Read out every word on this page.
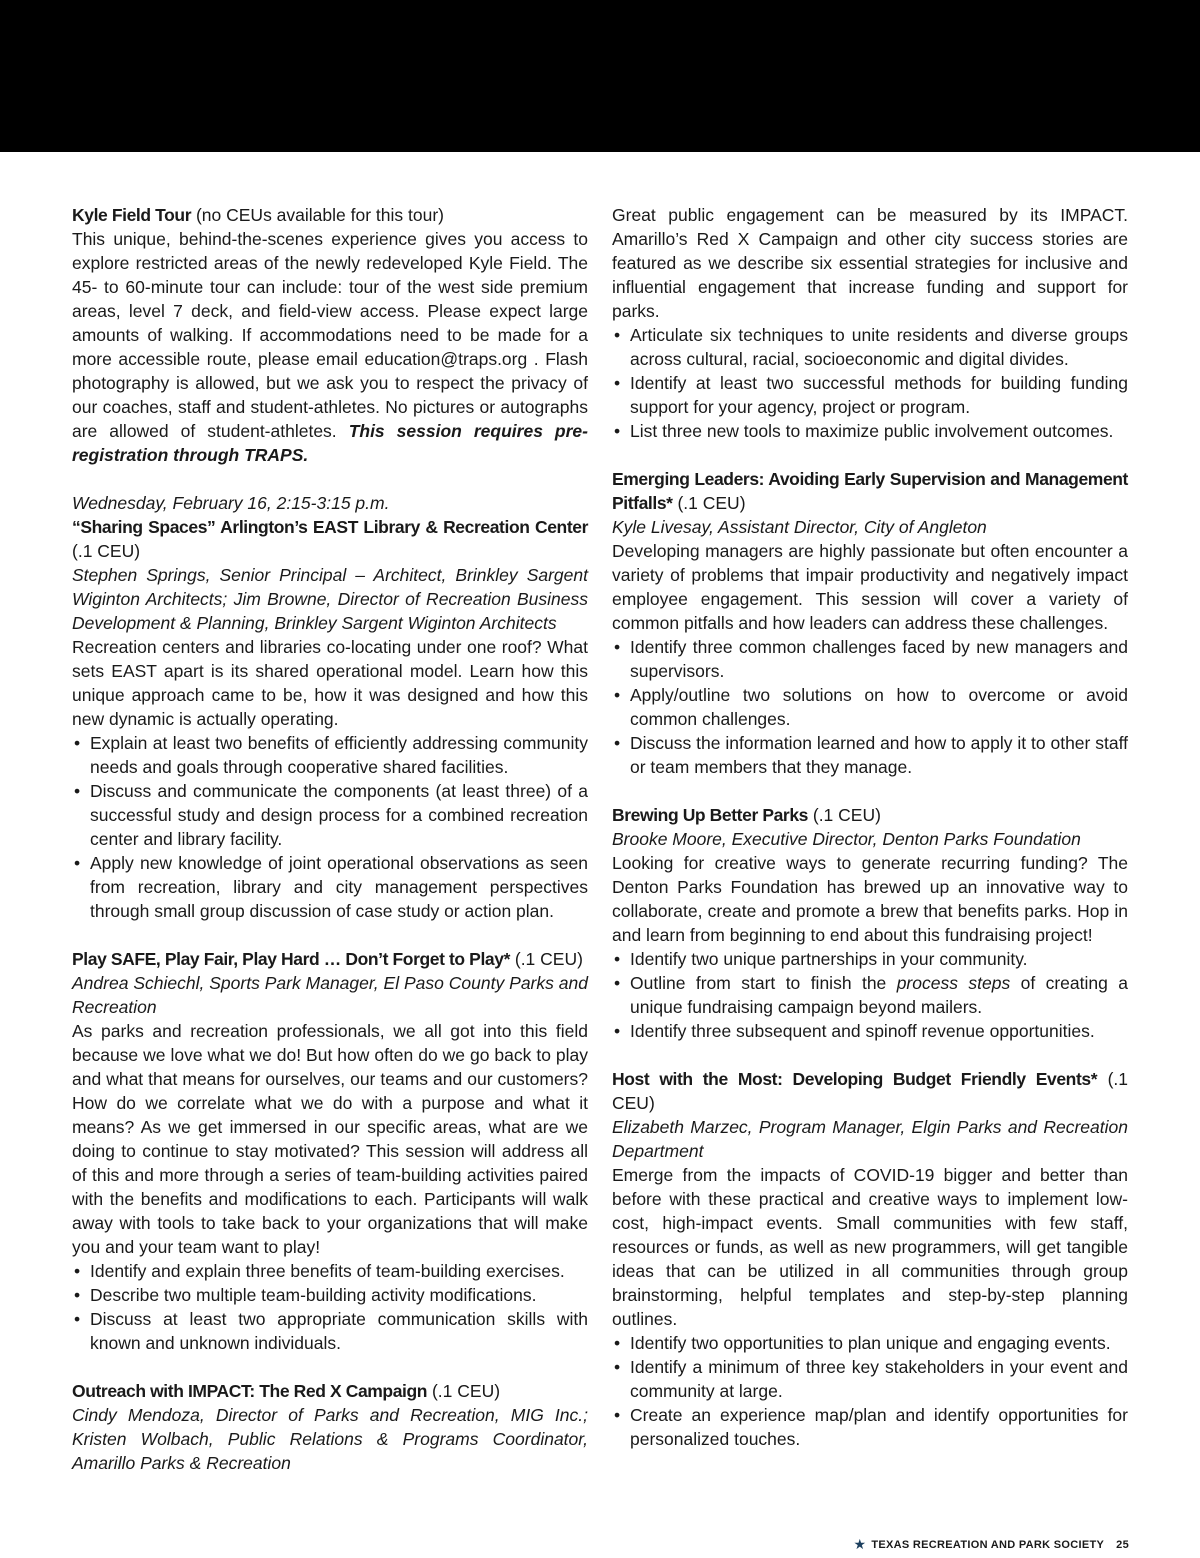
Kyle Field Tour (no CEUs available for this tour)

This unique, behind-the-scenes experience gives you access to explore restricted areas of the newly redeveloped Kyle Field. The 45- to 60-minute tour can include: tour of the west side premium areas, level 7 deck, and field-view access. Please expect large amounts of walking. If accommodations need to be made for a more accessible route, please email education@traps.org . Flash photography is allowed, but we ask you to respect the privacy of our coaches, staff and student-athletes. No pictures or autographs are allowed of student-athletes. This session requires pre-registration through TRAPS.

Wednesday, February 16, 2:15-3:15 p.m.

“Sharing Spaces” Arlington’s EAST Library & Recreation Center (.1 CEU)

Stephen Springs, Senior Principal – Architect, Brinkley Sargent Wiginton Architects; Jim Browne, Director of Recreation Business Development & Planning, Brinkley Sargent Wiginton Architects

Recreation centers and libraries co-locating under one roof? What sets EAST apart is its shared operational model. Learn how this unique approach came to be, how it was designed and how this new dynamic is actually operating.

• Explain at least two benefits of efficiently addressing community needs and goals through cooperative shared facilities.
• Discuss and communicate the components (at least three) of a successful study and design process for a combined recreation center and library facility.
• Apply new knowledge of joint operational observations as seen from recreation, library and city management perspectives through small group discussion of case study or action plan.

Play SAFE, Play Fair, Play Hard … Don’t Forget to Play* (.1 CEU)

Andrea Schiechl, Sports Park Manager, El Paso County Parks and Recreation

As parks and recreation professionals, we all got into this field because we love what we do! But how often do we go back to play and what that means for ourselves, our teams and our customers? How do we correlate what we do with a purpose and what it means? As we get immersed in our specific areas, what are we doing to continue to stay motivated? This session will address all of this and more through a series of team-building activities paired with the benefits and modifications to each. Participants will walk away with tools to take back to your organizations that will make you and your team want to play!

• Identify and explain three benefits of team-building exercises.
• Describe two multiple team-building activity modifications.
• Discuss at least two appropriate communication skills with known and unknown individuals.

Outreach with IMPACT: The Red X Campaign (.1 CEU)

Cindy Mendoza, Director of Parks and Recreation, MIG Inc.; Kristen Wolbach, Public Relations & Programs Coordinator, Amarillo Parks & Recreation

Great public engagement can be measured by its IMPACT. Amarillo’s Red X Campaign and other city success stories are featured as we describe six essential strategies for inclusive and influential engagement that increase funding and support for parks.

• Articulate six techniques to unite residents and diverse groups across cultural, racial, socioeconomic and digital divides.
• Identify at least two successful methods for building funding support for your agency, project or program.
• List three new tools to maximize public involvement outcomes.

Emerging Leaders: Avoiding Early Supervision and Management Pitfalls* (.1 CEU)

Kyle Livesay, Assistant Director, City of Angleton

Developing managers are highly passionate but often encounter a variety of problems that impair productivity and negatively impact employee engagement. This session will cover a variety of common pitfalls and how leaders can address these challenges.

• Identify three common challenges faced by new managers and supervisors.
• Apply/outline two solutions on how to overcome or avoid common challenges.
• Discuss the information learned and how to apply it to other staff or team members that they manage.

Brewing Up Better Parks (.1 CEU)

Brooke Moore, Executive Director, Denton Parks Foundation

Looking for creative ways to generate recurring funding? The Denton Parks Foundation has brewed up an innovative way to collaborate, create and promote a brew that benefits parks. Hop in and learn from beginning to end about this fundraising project!

• Identify two unique partnerships in your community.
• Outline from start to finish the process steps of creating a unique fundraising campaign beyond mailers.
• Identify three subsequent and spinoff revenue opportunities.

Host with the Most: Developing Budget Friendly Events* (.1 CEU)

Elizabeth Marzec, Program Manager, Elgin Parks and Recreation Department

Emerge from the impacts of COVID-19 bigger and better than before with these practical and creative ways to implement low-cost, high-impact events. Small communities with few staff, resources or funds, as well as new programmers, will get tangible ideas that can be utilized in all communities through group brainstorming, helpful templates and step-by-step planning outlines.

• Identify two opportunities to plan unique and engaging events.
• Identify a minimum of three key stakeholders in your event and community at large.
• Create an experience map/plan and identify opportunities for personalized touches.
★ TEXAS RECREATION AND PARK SOCIETY 25
